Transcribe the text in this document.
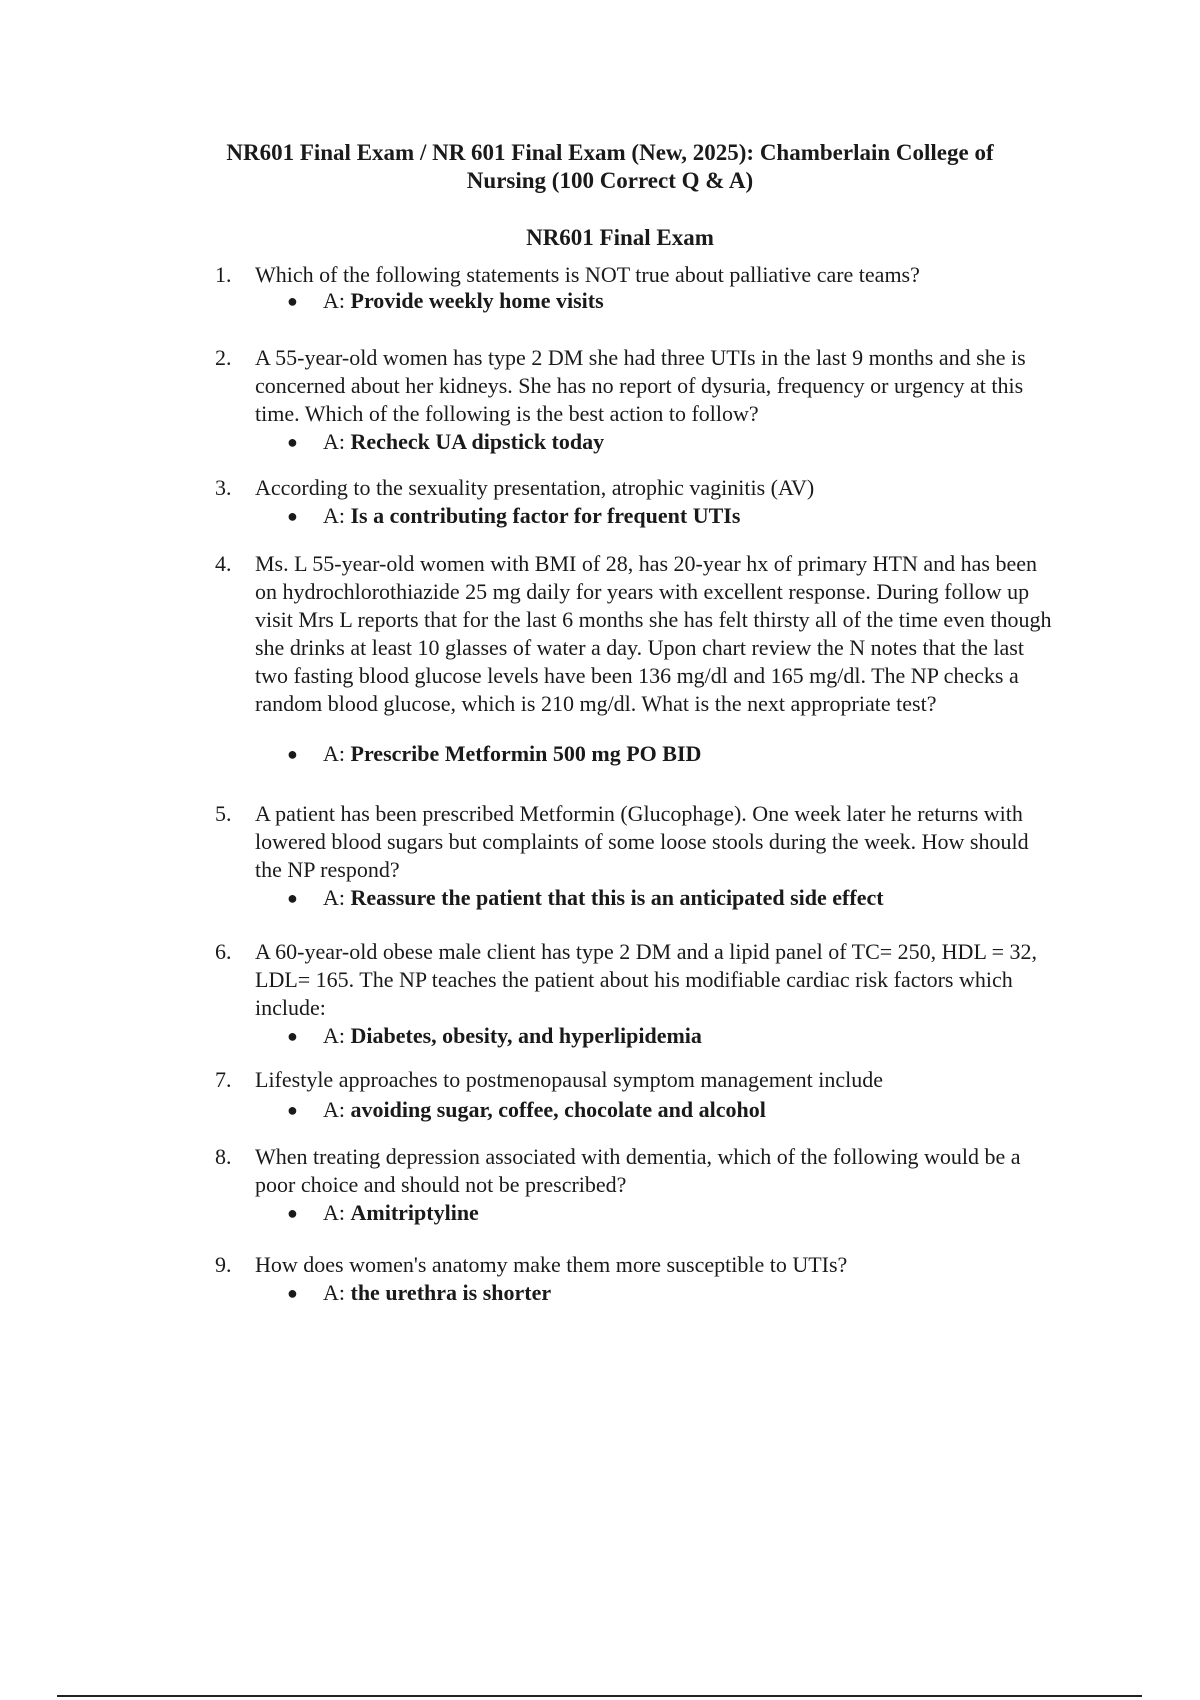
NR601 Final Exam / NR 601 Final Exam (New, 2025): Chamberlain College of Nursing (100 Correct Q & A)
NR601 Final Exam
1.	Which of the following statements is NOT true about palliative care teams?

● A: Provide weekly home visits
2.	A 55-year-old women has type 2 DM she had three UTIs in the last 9 months and she is concerned about her kidneys. She has no report of dysuria, frequency or urgency at this time. Which of the following is the best action to follow?

● A: Recheck UA dipstick today
3.	According to the sexuality presentation, atrophic vaginitis (AV)

● A: Is a contributing factor for frequent UTIs
4.	Ms. L 55-year-old women with BMI of 28, has 20-year hx of primary HTN and has been on hydrochlorothiazide 25 mg daily for years with excellent response. During follow up visit Mrs L reports that for the last 6 months she has felt thirsty all of the time even though she drinks at least 10 glasses of water a day. Upon chart review the N notes that the last two fasting blood glucose levels have been 136 mg/dl and 165 mg/dl. The NP checks a random blood glucose, which is 210 mg/dl. What is the next appropriate test?

● A: Prescribe Metformin 500 mg PO BID
5.	A patient has been prescribed Metformin (Glucophage). One week later he returns with lowered blood sugars but complaints of some loose stools during the week. How should the NP respond?

● A: Reassure the patient that this is an anticipated side effect
6.	A 60-year-old obese male client has type 2 DM and a lipid panel of TC= 250, HDL = 32, LDL= 165. The NP teaches the patient about his modifiable cardiac risk factors which include:

● A: Diabetes, obesity, and hyperlipidemia
7.	Lifestyle approaches to postmenopausal symptom management include

● A: avoiding sugar, coffee, chocolate and alcohol
8.	When treating depression associated with dementia, which of the following would be a poor choice and should not be prescribed?

● A: Amitriptyline
9.	How does women's anatomy make them more susceptible to UTIs?

● A: the urethra is shorter
